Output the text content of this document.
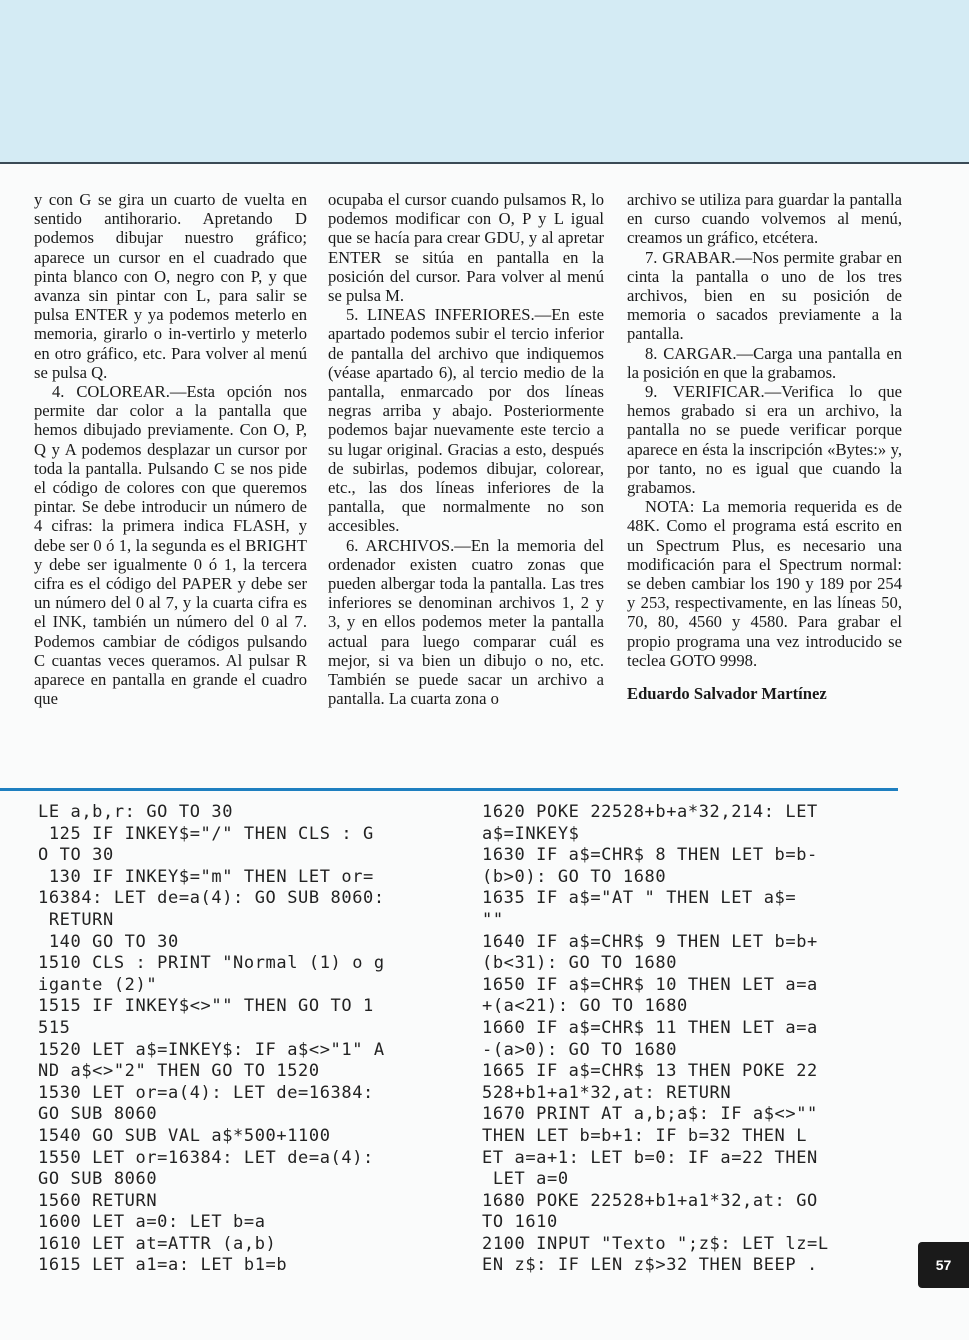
y con G se gira un cuarto de vuelta en sentido antihorario. Apretando D podemos dibujar nuestro gráfico; aparece un cursor en el cuadrado que pinta blanco con O, negro con P, y que avanza sin pintar con L, para salir se pulsa ENTER y ya podemos meterlo en memoria, girarlo o in-vertirlo y meterlo en otro gráfico, etc. Para volver al menú se pulsa Q.

4. COLOREAR.—Esta opción nos permite dar color a la pantalla que hemos dibujado previamente. Con O, P, Q y A podemos desplazar un cursor por toda la pantalla. Pulsando C se nos pide el código de colores con que queremos pintar. Se debe introducir un número de 4 cifras: la primera indica FLASH, y debe ser 0 ó 1, la segunda es el BRIGHT y debe ser igualmente 0 ó 1, la tercera cifra es el código del PAPER y debe ser un número del 0 al 7, y la cuarta cifra es el INK, también un número del 0 al 7. Podemos cambiar de códigos pulsando C cuantas veces queramos. Al pulsar R aparece en pantalla en grande el cuadro que

ocupaba el cursor cuando pulsamos R, lo podemos modificar con O, P y L igual que se hacía para crear GDU, y al apretar ENTER se sitúa en pantalla en la posición del cursor. Para volver al menú se pulsa M.

5. LINEAS INFERIORES.—En este apartado podemos subir el tercio inferior de pantalla del archivo que indiquemos (véase apartado 6), al tercio medio de la pantalla, enmarcado por dos líneas negras arriba y abajo. Posteriormente podemos bajar nuevamente este tercio a su lugar original. Gracias a esto, después de subirlas, podemos dibujar, colorear, etc., las dos líneas inferiores de la pantalla, que normalmente no son accesibles.

6. ARCHIVOS.—En la memoria del ordenador existen cuatro zonas que pueden albergar toda la pantalla. Las tres inferiores se denominan archivos 1, 2 y 3, y en ellos podemos meter la pantalla actual para luego comparar cuál es mejor, si va bien un dibujo o no, etc. También se puede sacar un archivo a pantalla. La cuarta zona o

archivo se utiliza para guardar la pantalla en curso cuando volvemos al menú, creamos un gráfico, etcétera.

7. GRABAR.—Nos permite grabar en cinta la pantalla o uno de los tres archivos, bien en su posición de memoria o sacados previamente a la pantalla.

8. CARGAR.—Carga una pantalla en la posición en que la grabamos.

9. VERIFICAR.—Verifica lo que hemos grabado si era un archivo, la pantalla no se puede verificar porque aparece en ésta la inscripción «Bytes:» y, por tanto, no es igual que cuando la grabamos.

NOTA: La memoria requerida es de 48K. Como el programa está escrito en un Spectrum Plus, es necesario una modificación para el Spectrum normal: se deben cambiar los 190 y 189 por 254 y 253, respectivamente, en las líneas 50, 70, 80, 4560 y 4580. Para grabar el propio programa una vez introducido se teclea GOTO 9998.

Eduardo Salvador Martínez

LE a,b,r: GO TO 30
125 IF INKEY$="/" THEN CLS : G
O TO 30
130 IF INKEY$="m" THEN LET or=
16384: LET de=a(4): GO SUB 8060:
RETURN
140 GO TO 30
1510 CLS : PRINT "Normal (1) o g
igante (2)"
1515 IF INKEY$<>"" THEN GO TO 1
515
1520 LET a$=INKEY$: IF a$<>"1" A
ND a$<>"2" THEN GO TO 1520
1530 LET or=a(4): LET de=16384:
GO SUB 8060
1540 GO SUB VAL a$*500+1100
1550 LET or=16384: LET de=a(4):
GO SUB 8060
1560 RETURN
1600 LET a=0: LET b=a
1610 LET at=ATTR (a,b)
1615 LET a1=a: LET b1=b
1620 POKE 22528+b+a*32,214: LET
a$=INKEY$
1630 IF a$=CHR$ 8 THEN LET b=b-
(b>0): GO TO 1680
1635 IF a$="AT " THEN LET a$=
""
1640 IF a$=CHR$ 9 THEN LET b=b+
(b<31): GO TO 1680
1650 IF a$=CHR$ 10 THEN LET a=a
+(a<21): GO TO 1680
1660 IF a$=CHR$ 11 THEN LET a=a
-(a>0): GO TO 1680
1665 IF a$=CHR$ 13 THEN POKE 22
528+b1+a1*32,at: RETURN
1670 PRINT AT a,b;a$: IF a$<>""
THEN LET b=b+1: IF b=32 THEN L
ET a=a+1: LET b=0: IF a=22 THEN
LET a=0
1680 POKE 22528+b1+a1*32,at: GO
TO 1610
2100 INPUT "Texto ";z$: LET lz=L
EN z$: IF LEN z$>32 THEN BEEP .	57
